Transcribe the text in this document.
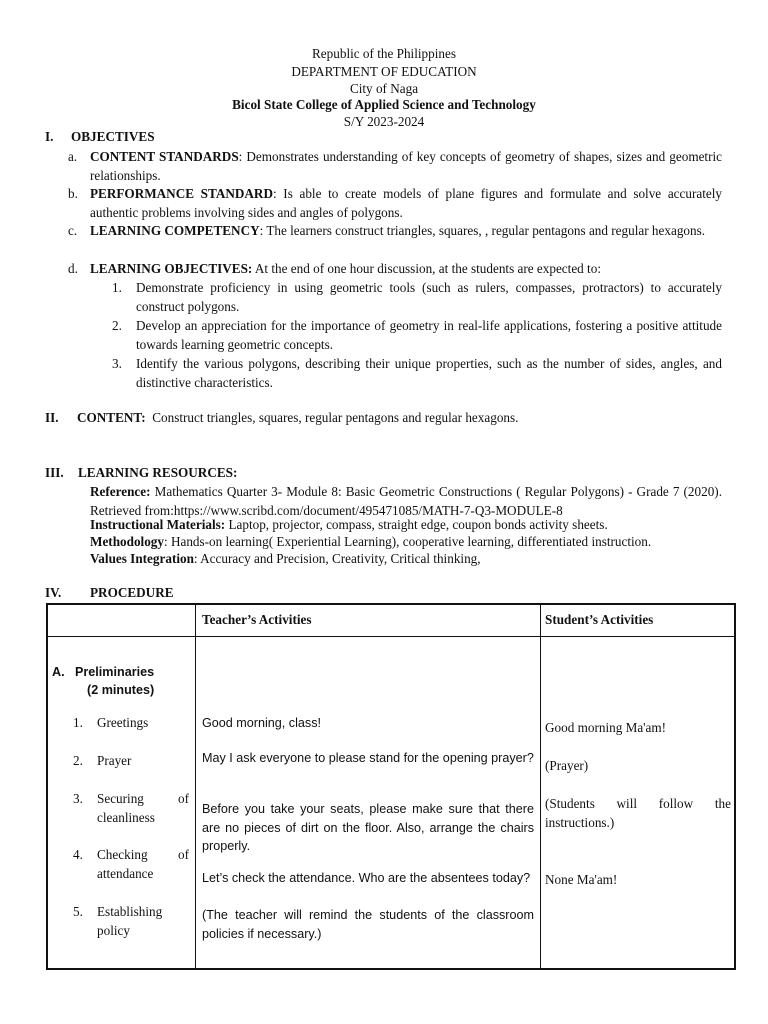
Republic of the Philippines
DEPARTMENT OF EDUCATION
City of Naga
Bicol State College of Applied Science and Technology
S/Y 2023-2024
I. OBJECTIVES
a. CONTENT STANDARDS: Demonstrates understanding of key concepts of geometry of shapes, sizes and geometric relationships.
b. PERFORMANCE STANDARD: Is able to create models of plane figures and formulate and solve accurately authentic problems involving sides and angles of polygons.
c. LEARNING COMPETENCY: The learners construct triangles, squares, , regular pentagons and regular hexagons.
d. LEARNING OBJECTIVES: At the end of one hour discussion, at the students are expected to:
1. Demonstrate proficiency in using geometric tools (such as rulers, compasses, protractors) to accurately construct polygons.
2. Develop an appreciation for the importance of geometry in real-life applications, fostering a positive attitude towards learning geometric concepts.
3. Identify the various polygons, describing their unique properties, such as the number of sides, angles, and distinctive characteristics.
II. CONTENT: Construct triangles, squares, regular pentagons and regular hexagons.
III. LEARNING RESOURCES:
Reference: Mathematics Quarter 3- Module 8: Basic Geometric Constructions ( Regular Polygons) - Grade 7 (2020). Retrieved from:https://www.scribd.com/document/495471085/MATH-7-Q3-MODULE-8
Instructional Materials: Laptop, projector, compass, straight edge, coupon bonds activity sheets.
Methodology: Hands-on learning( Experiential Learning), cooperative learning, differentiated instruction.
Values Integration: Accuracy and Precision, Creativity, Critical thinking,
IV. PROCEDURE
Teacher’s Activities	Student’s Activities
A. Preliminaries
(2 minutes)
1. Greetings
2. Prayer
3. Securing of cleanliness
4. Checking of attendance
5. Establishing policy
Good morning, class!
May I ask everyone to please stand for the opening prayer?
Before you take your seats, please make sure that there are no pieces of dirt on the floor. Also, arrange the chairs properly.
Let’s check the attendance. Who are the absentees today?
(The teacher will remind the students of the classroom policies if necessary.)
Good morning Ma'am!
(Prayer)
(Students will follow the instructions.)
None Ma'am!
